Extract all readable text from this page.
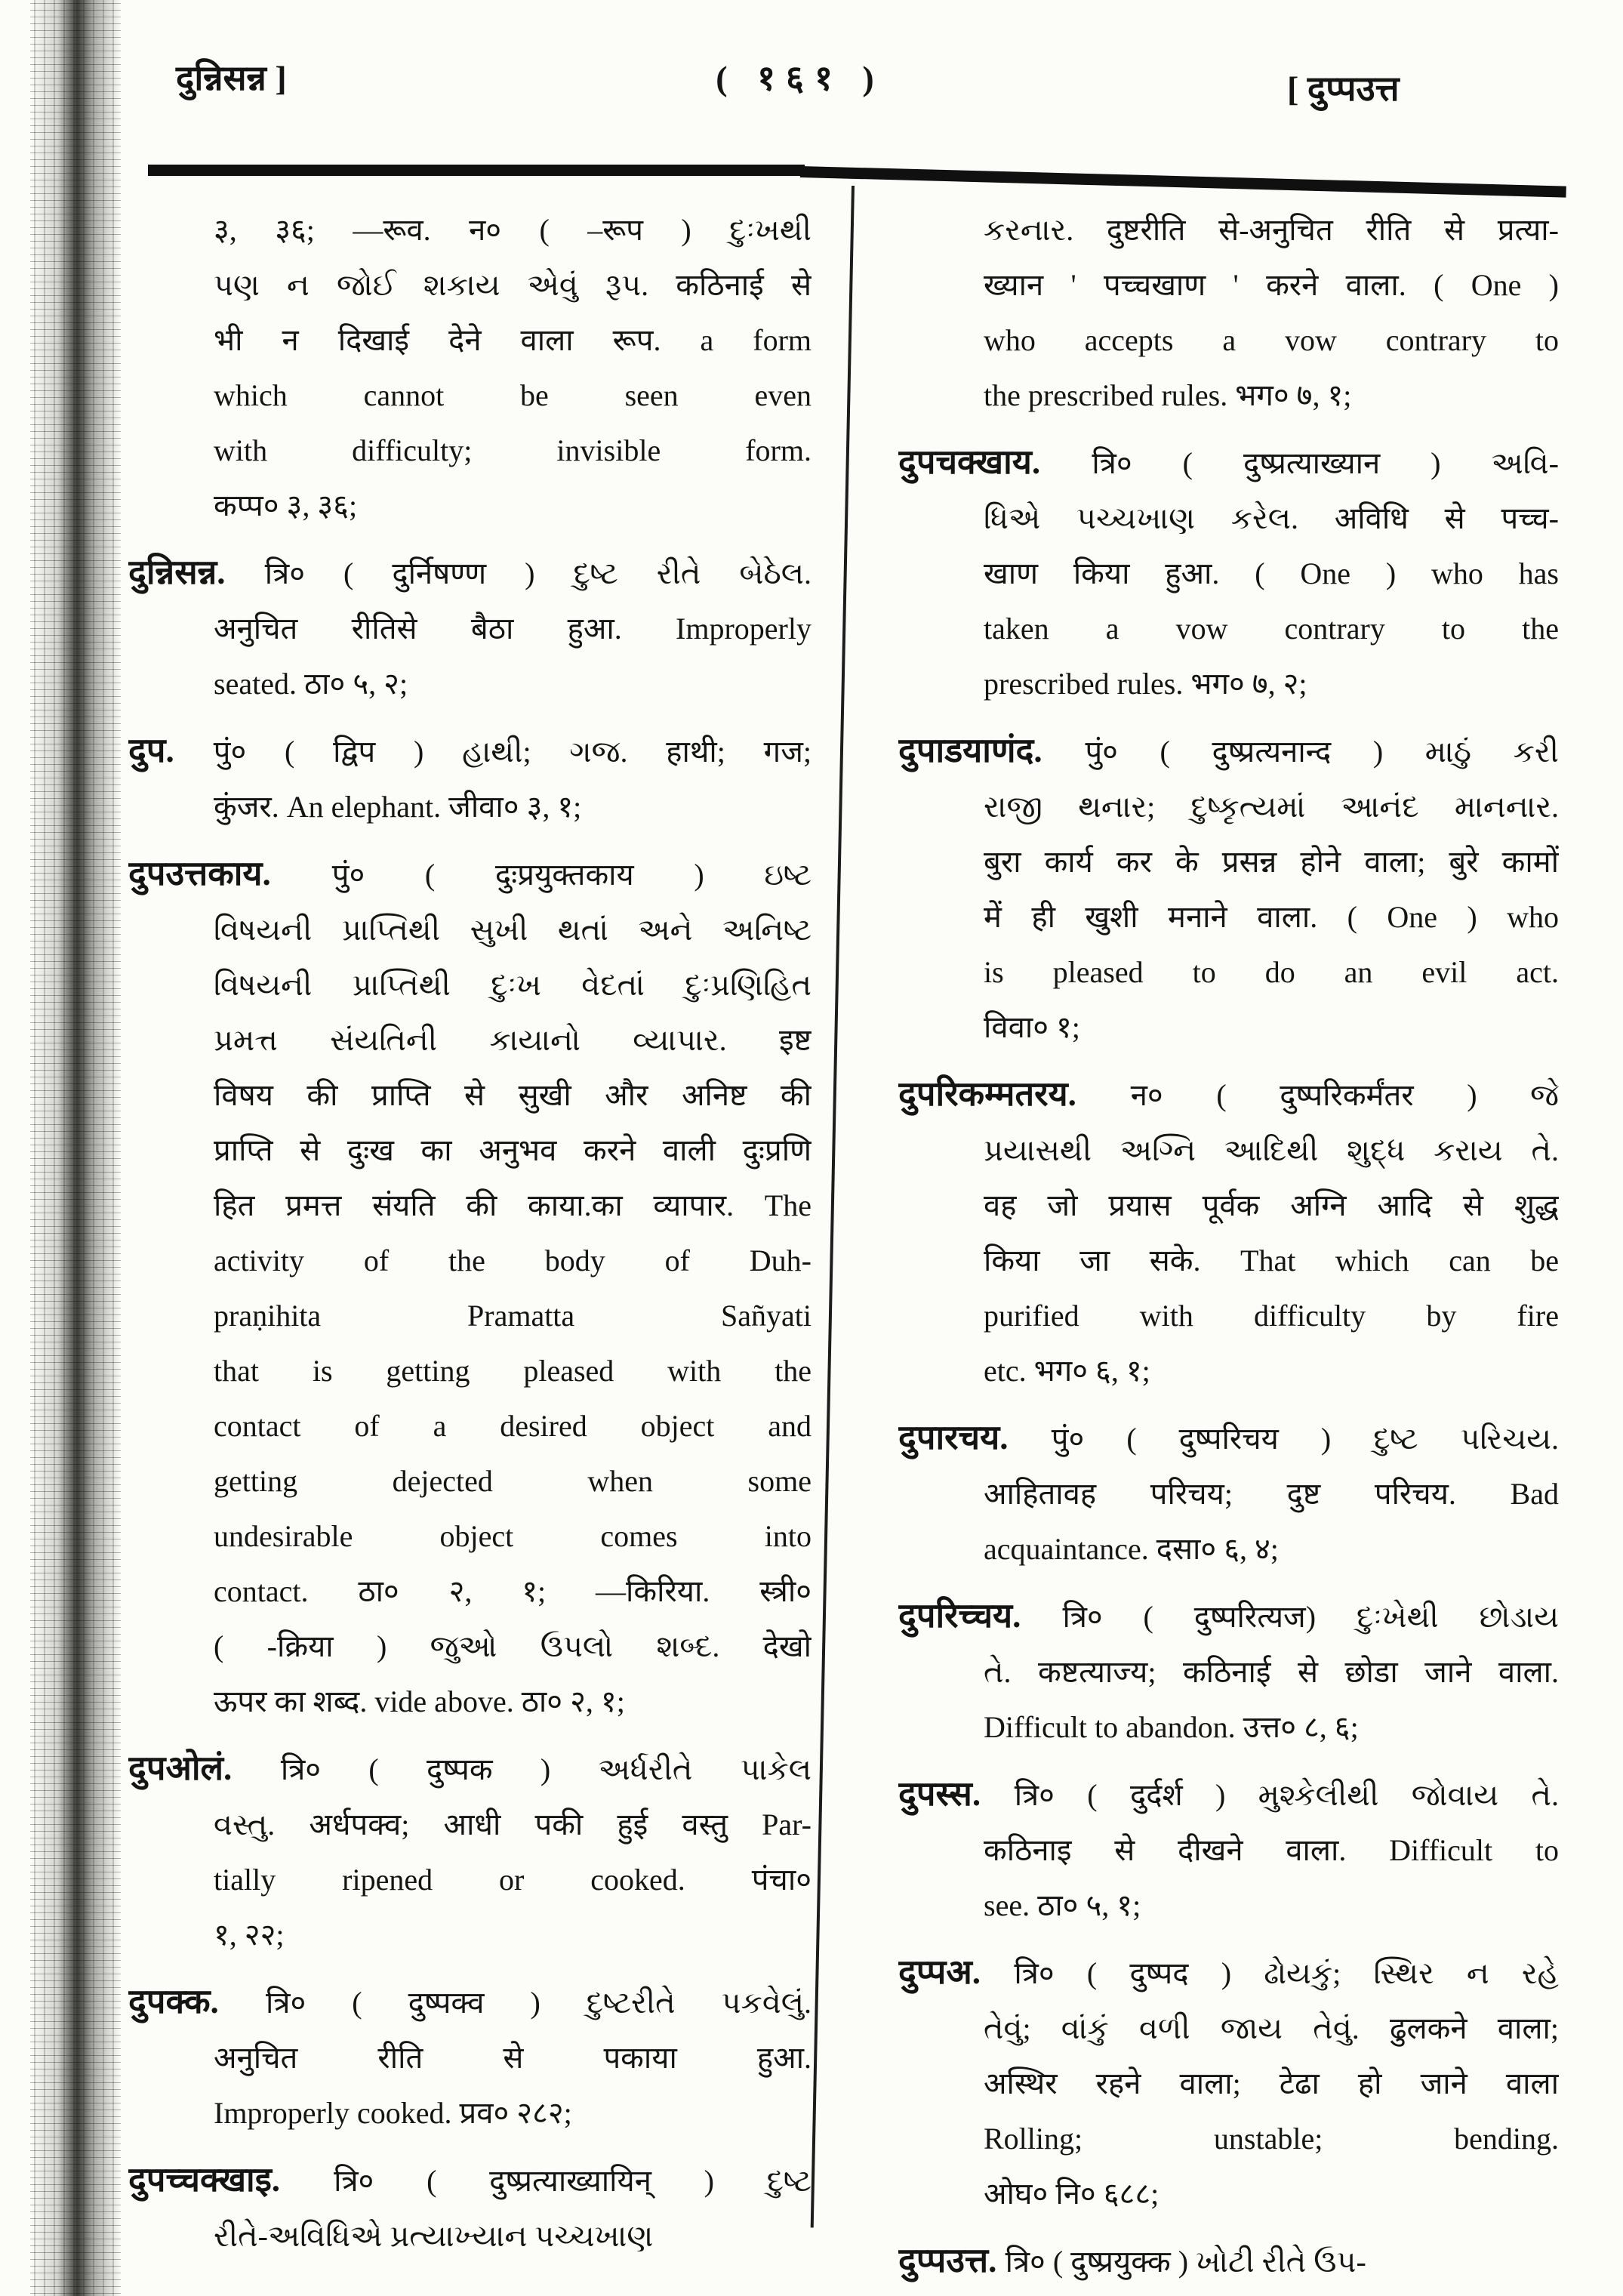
दुन्निसन्न ]	( १६१ )	[ दुप्पउत्त
३, ३६; —रूव. न० ( –रूप ) દુઃખથી
પણ ન જોઈ શકાય એવું રૂપ. कठिनाई से
भी न दिखाई देने वाला रूप. a form
which cannot be seen even
with difficulty; invisible form.
कप्प० ३, ३६;
दुन्निसन्न. त्रि० ( दुर्निषण्ण ) દુષ્ટ રીતે બેઠેલ.
अनुचित रीतिसे बैठा हुआ. Improperly
seated. ठा० ५, २;
दुप. पुं० ( द्विप ) હાથી; ગજ. हाथी; गज;
कुंजर. An elephant. जीवा० ३, १;
दुपउत्तकाय. पुं० ( दुःप्रयुक्तकाय ) ઇષ્ટ
વિષયની પ્રાપ્તિથી સુખી થતાં અને અનિષ્ટ
વિષયની પ્રાપ્તિથી દુઃખ વેદતાં દુઃપ્રણિહિત
પ્રમત્ત સંયતિની કાયાનો વ્યાપાર. इष्ट
विषय की प्राप्ति से सुखी और अनिष्ट की
प्राप्ति से दुःख का अनुभव करने वाली दुःप्रणि
हित प्रमत्त संयति की काया.का व्यापार. The
activity of the body of Duh-
praṇihita Pramatta Sañyati
that is getting pleased with the
contact of a desired object and
getting dejected when some
undesirable object comes into
contact. ठा० २, १; —किरिया. स्त्री०
( -क्रिया ) જુઓ ઉપલો શબ્દ. देखो
ऊपर का शब्द. vide above. ठा० २, १;
दुपओलं. त्रि० ( दुष्पक ) અર્ધરીતે પાકેલ
વસ્તુ. अर्धपक्व; आधी पकी हुई वस्तु Par-
tially ripened or cooked. पंचा०
१, २२;
दुपक्क. त्रि० ( दुष्पक्व ) દુષ્ટરીતે પકવેલું.
अनुचित रीति से पकाया हुआ.
Improperly cooked. प्रव० २८२;
दुपच्चक्खाइ. त्रि० ( दुष्प्रत्याख्यायिन् ) દુષ્ટ
રીતે-અવિધિએ પ્રત્યાખ્યાન પચ્ચખાણ
કરનાર. दुष्टरीति से-अनुचित रीति से प्रत्या-
ख्यान ' पच्चखाण ' करने वाला. ( One )
who accepts a vow contrary to
the prescribed rules. भग० ७, १;
दुपचक्खाय. त्रि० ( दुष्प्रत्याख्यान ) અવિ-
ધિએ પચ્ચખાણ કરેલ. अविधि से पच्च-
खाण किया हुआ. ( One ) who has
taken a vow contrary to the
prescribed rules. भग० ७, २;
दुपाडयाणंद. पुं० ( दुष्प्रत्यनान्द ) માઠું કરી
રાજી થનાર; દુષ્કૃત્યમાં આનંદ માનનાર.
बुरा कार्य कर के प्रसन्न होने वाला; बुरे कामों
में ही खुशी मनाने वाला. ( One ) who
is pleased to do an evil act.
विवा० १;
दुपरिकम्मतरय. न० ( दुष्परिकर्मंतर ) જે
પ્રયાસથી અગ્નિ આદિથી શુદ્ધ કરાય તે.
वह जो प्रयास पूर्वक अग्नि आदि से शुद्ध
किया जा सके. That which can be
purified with difficulty by fire
etc. भग० ६, १;
दुपारचय. पुं० ( दुष्परिचय ) દુષ્ટ પરિચય.
आहितावह परिचय; दुष्ट परिचय. Bad
acquaintance. दसा० ६, ४;
दुपरिच्चय. त्रि० ( दुष्परित्यज) દુઃખેથી છોડાય
તે. कष्टत्याज्य; कठिनाई से छोडा जाने वाला.
Difficult to abandon. उत्त० ८, ६;
दुपस्स. त्रि० ( दुर्दर्श ) મુશ્કેલીથી જોવાય તે.
कठिनाइ से दीखने वाला. Difficult to
see. ठा० ५, १;
दुप्पअ. त्रि० ( दुष्पद ) ઢોયકું; સ્થિર ન રહે
તેવું; વાંકું વળી જાય તેવું. ढुलकने वाला;
अस्थिर रहने वाला; टेढा हो जाने वाला
Rolling; unstable; bending.
ओघ० नि० ६८८;
दुप्पउत्त. त्रि० ( दुष्प्रयुक्क ) ખોટી રીતે ઉપ-
